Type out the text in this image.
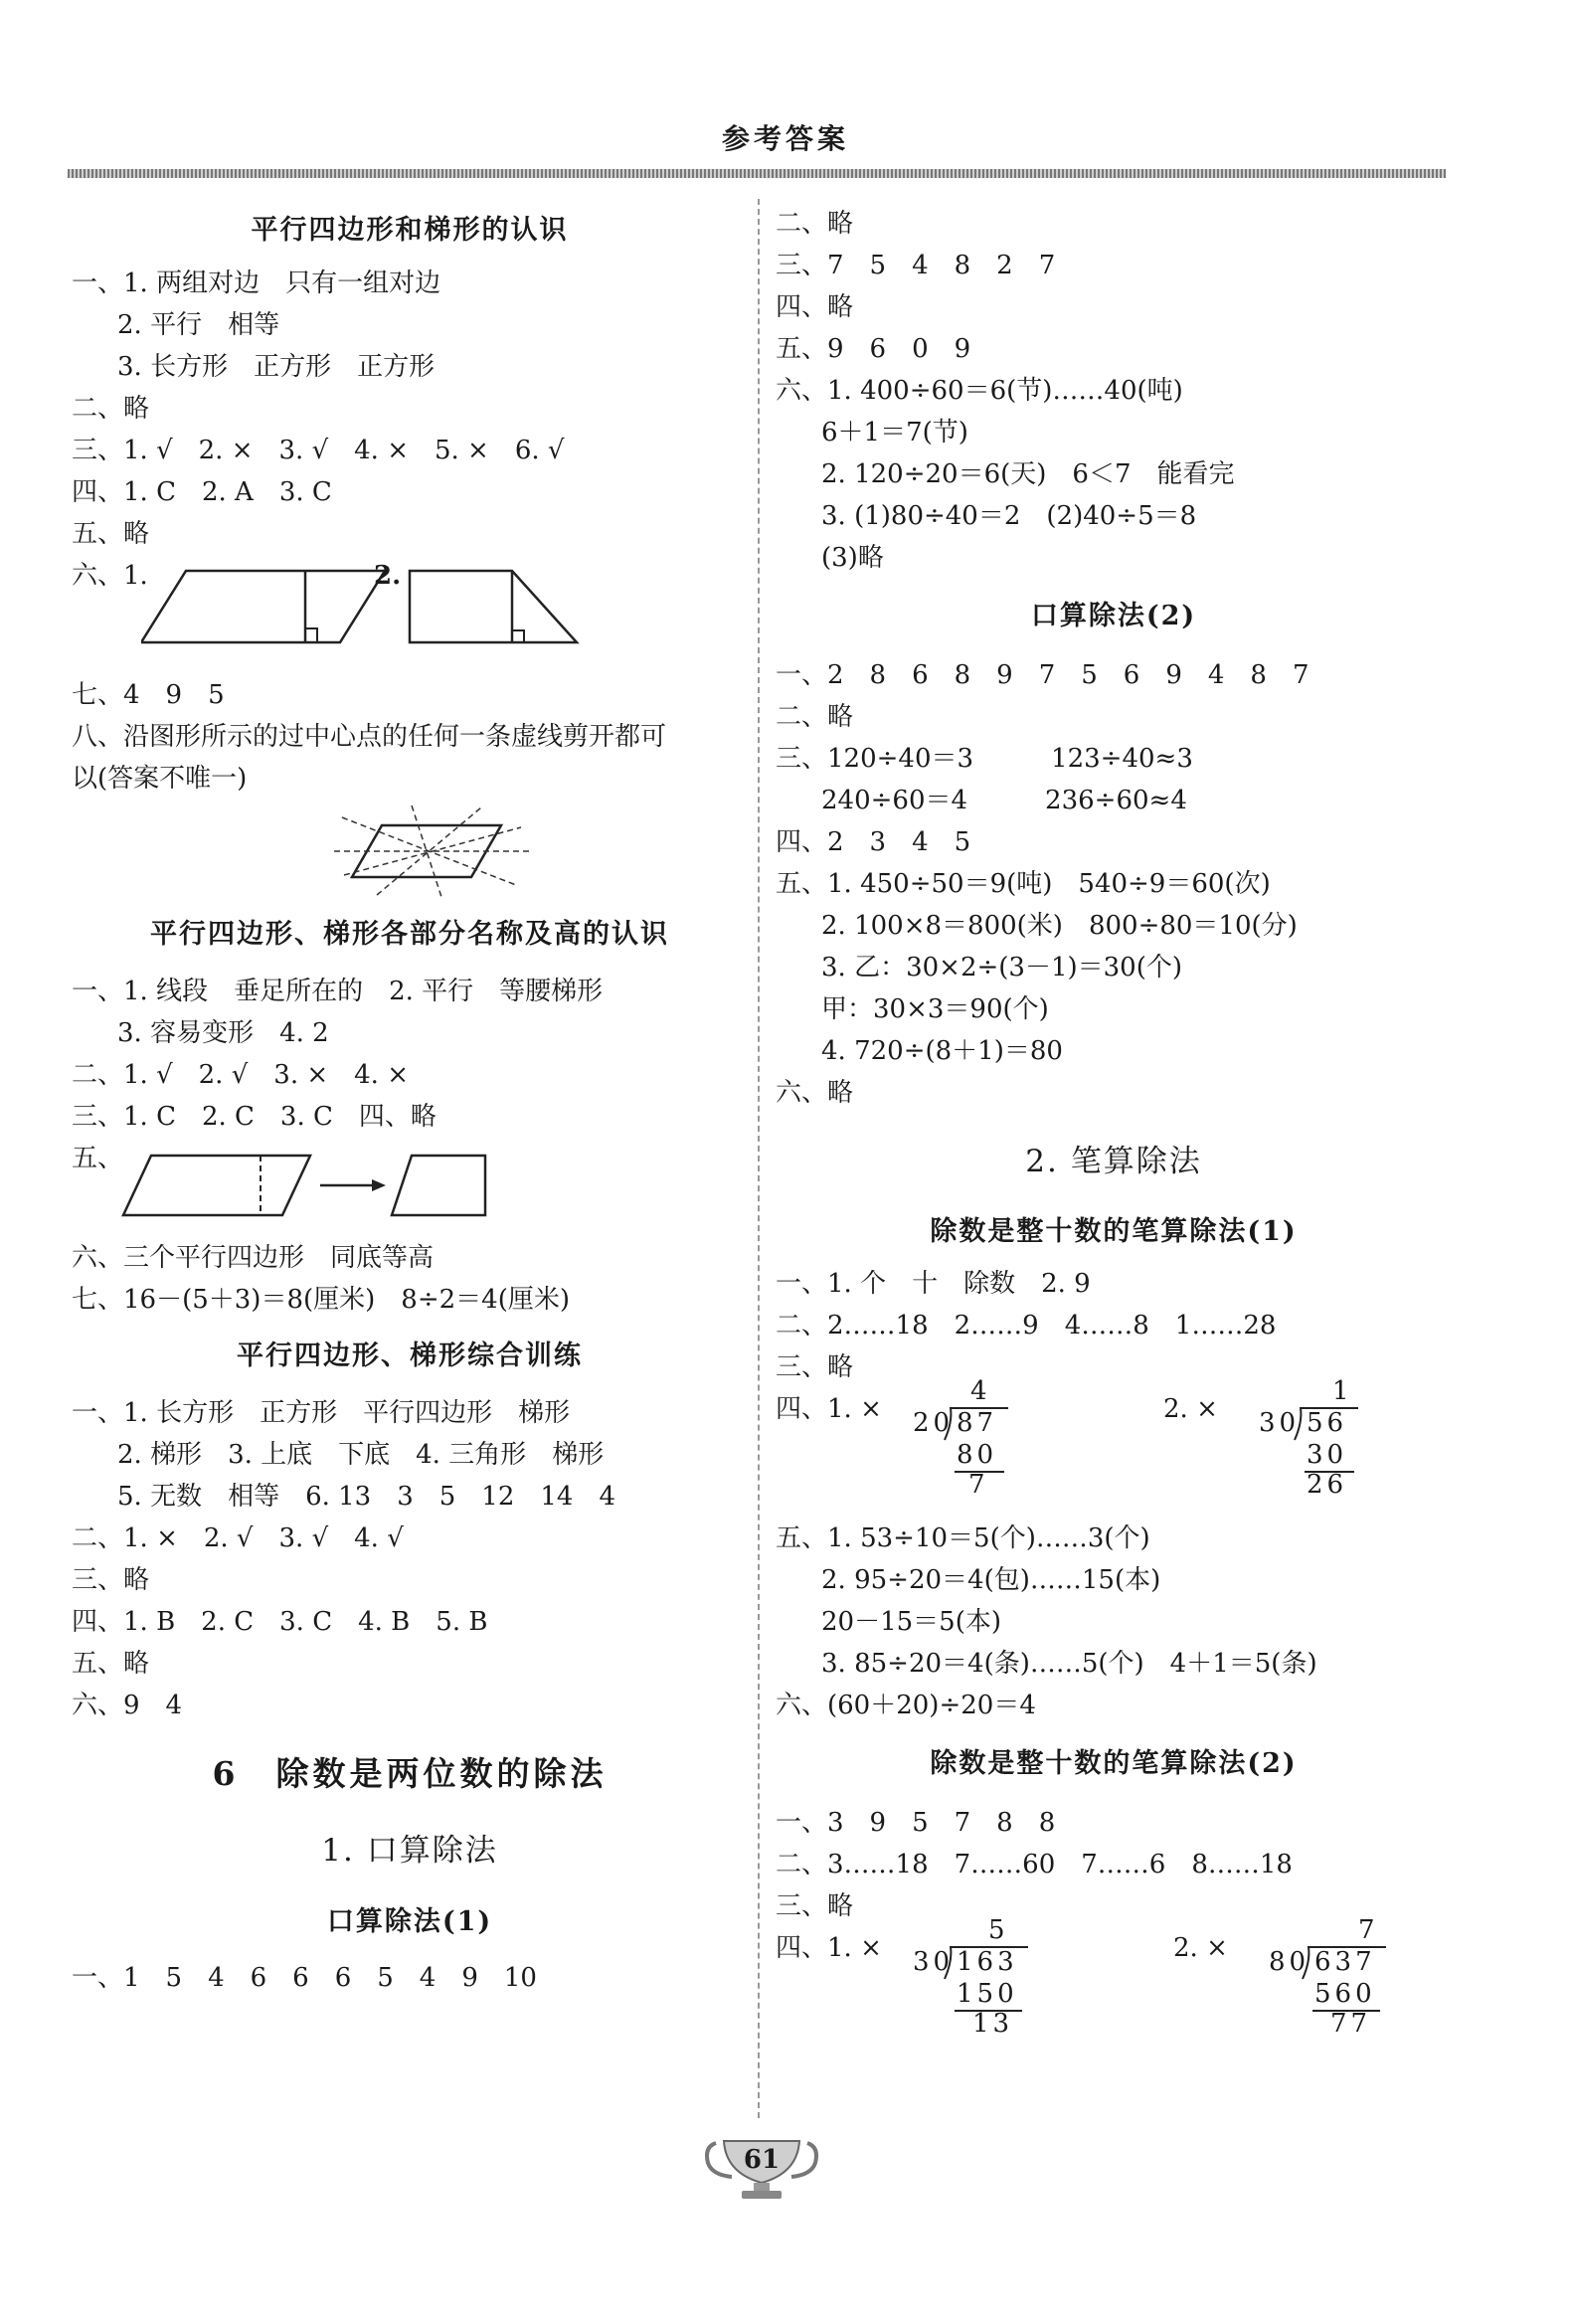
参考答案
平行四边形和梯形的认识
一、1. 两组对边　只有一组对边
2. 平行　相等
3. 长方形　正方形　正方形
二、略
三、1. √　2. ×　3. √　4. ×　5. ×　6. √
四、1. C　2. A　3. C
五、略
六、1.	2.
七、4　9　5
八、沿图形所示的过中心点的任何一条虚线剪开都可
以(答案不唯一)
平行四边形、梯形各部分名称及高的认识
一、1. 线段　垂足所在的　2. 平行　等腰梯形
3. 容易变形　4. 2
二、1. √　2. √　3. ×　4. ×
三、1. C　2. C　3. C　四、略
五、
六、三个平行四边形　同底等高
七、16－(5＋3)＝8(厘米)　8÷2＝4(厘米)
平行四边形、梯形综合训练
一、1. 长方形　正方形　平行四边形　梯形
2. 梯形　3. 上底　下底　4. 三角形　梯形
5. 无数　相等　6. 13　3　5　12　14　4
二、1. ×　2. √　3. √　4. √
三、略
四、1. B　2. C　3. C　4. B　5. B
五、略
六、9　4
6　除数是两位数的除法
1. 口算除法
口算除法(1)
一、1　5　4　6　6　6　5　4　9　10
二、略
三、7　5　4　8　2　7
四、略
五、9　6　0　9
六、1. 400÷60＝6(节)……40(吨)
6＋1＝7(节)
2. 120÷20＝6(天)　6＜7　能看完
3. (1)80÷40＝2　(2)40÷5＝8
(3)略
口算除法(2)
一、2　8　6　8　9　7　5　6　9　4　8　7
二、略
三、120÷40＝3　　　123÷40≈3
240÷60＝4　　　236÷60≈4
四、2　3　4　5
五、1. 450÷50＝9(吨)　540÷9＝60(次)
2. 100×8＝800(米)　800÷80＝10(分)
3. 乙：30×2÷(3－1)＝30(个)
甲：30×3＝90(个)
4. 720÷(8＋1)＝80
六、略
2. 笔算除法
除数是整十数的笔算除法(1)
一、1. 个　十　除数　2. 9
二、2……18　2……9　4……8　1……28
三、略
四、1. ×
4
20 87
80
7
2. ×
1
30 56
30
26
五、1. 53÷10＝5(个)……3(个)
2. 95÷20＝4(包)……15(本)
20－15＝5(本)
3. 85÷20＝4(条)……5(个)　4＋1＝5(条)
六、(60＋20)÷20＝4
除数是整十数的笔算除法(2)
一、3　9　5　7　8　8
二、3……18　7……60　7……6　8……18
三、略
四、1. ×
5
30 163
150
13
2. ×
7
80 637
560
77
61
